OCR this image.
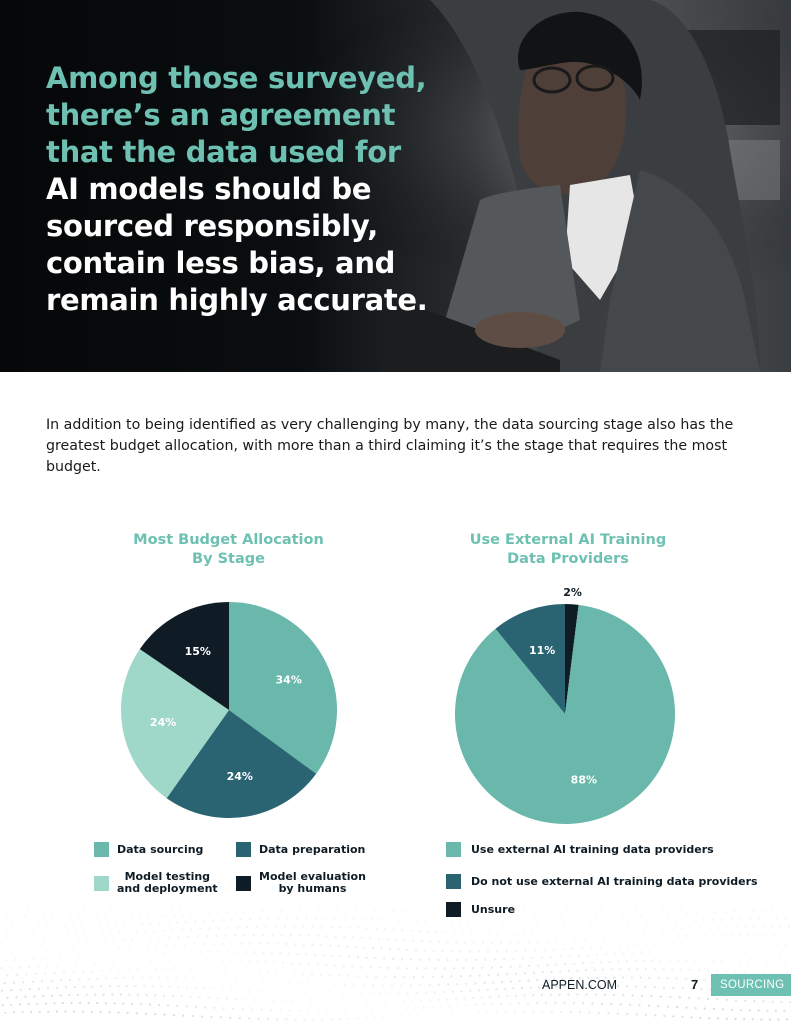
Among those surveyed,
there’s an agreement
that the data used for
AI models should be
sourced responsibly,
contain less bias, and
remain highly accurate.

In addition to being identified as very challenging by many, the data sourcing stage also has the greatest budget allocation, with more than a third claiming it’s the stage that requires the most budget.

Most Budget Allocation
By Stage
34%
24%
24%
15%
Use External AI Training
Data Providers
2%
88%
11%
Data sourcing	Data preparation
Model testing
and deployment
Model evaluation
by humans
Use external AI training data providers
Do not use external AI training data providers
Unsure
APPEN.COM	7	SOURCING
